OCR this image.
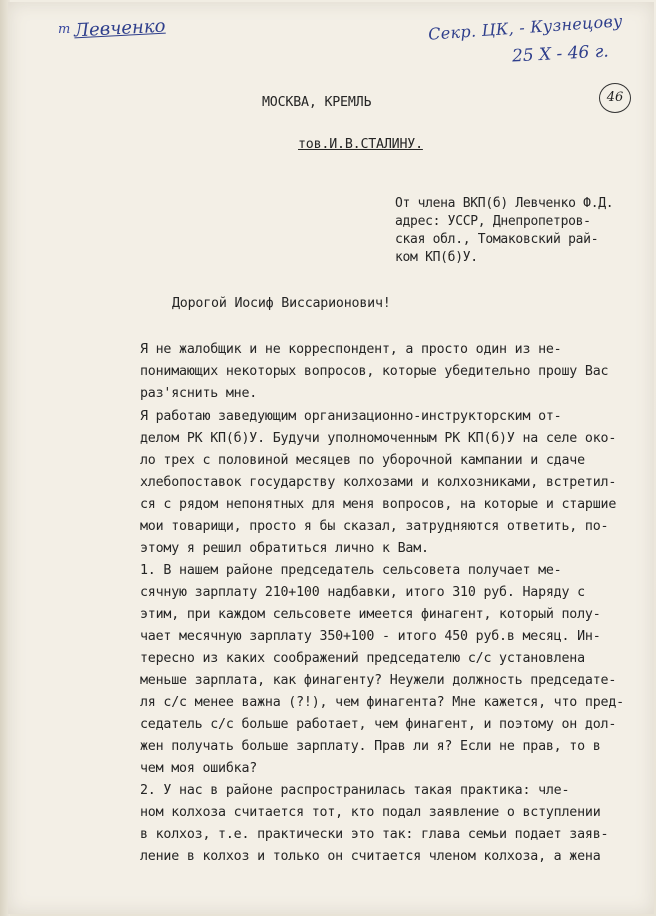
т Левченко	Секр. ЦК, - Кузнецову
25 X - 46 г.
46
МОСКВА, КРЕМЛЬ
тов.И.В.СТАЛИНУ.
От члена ВКП(б) Левченко Ф.Д.
адрес: УССР, Днепропетров-
ская обл., Томаковский рай-
ком КП(б)У.
Дорогой Иосиф Виссарионович!
Я не жалобщик и не корреспондент, а просто один из не-
понимающих некоторых вопросов, которые убедительно прошу Вас
раз'яснить мне.
Я работаю заведующим организационно-инструкторским от-
делом РК КП(б)У. Будучи уполномоченным РК КП(б)У на селе око-
ло трех с половиной месяцев по уборочной кампании и сдаче
хлебопоставок государству колхозами и колхозниками, встретил-
ся с рядом непонятных для меня вопросов, на которые и старшие
мои товарищи, просто я бы сказал, затрудняются ответить, по-
этому я решил обратиться лично к Вам.
1. В нашем районе председатель сельсовета получает ме-
сячную зарплату 210+100 надбавки, итого 310 руб. Наряду с
этим, при каждом сельсовете имеется финагент, который полу-
чает месячную зарплату 350+100 - итого 450 руб.в месяц. Ин-
тересно из каких соображений председателю с/с установлена
меньше зарплата, как финагенту? Неужели должность председате-
ля с/с менее важна (?!), чем финагента? Мне кажется, что пред-
седатель с/с больше работает, чем финагент, и поэтому он дол-
жен получать больше зарплату. Прав ли я? Если не прав, то в
чем моя ошибка?
2. У нас в районе распространилась такая практика: чле-
ном колхоза считается тот, кто подал заявление о вступлении
в колхоз, т.е. практически это так: глава семьи подает заяв-
ление в колхоз и только он считается членом колхоза, а жена
